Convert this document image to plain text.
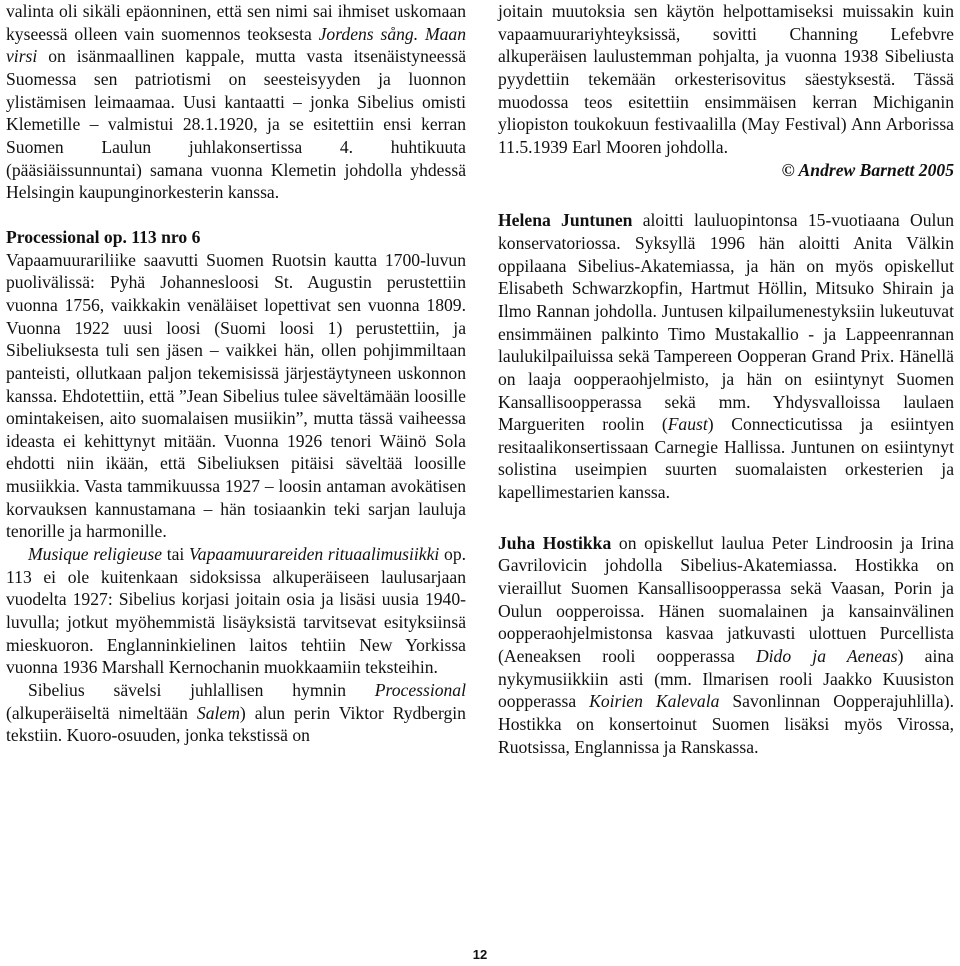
valinta oli sikäli epäonninen, että sen nimi sai ihmiset uskomaan kyseessä olleen vain suomennos teoksesta Jordens sång. Maan virsi on isänmaallinen kappale, mutta vasta itsenäistyneessä Suomessa sen patriotismi on seesteisyyden ja luonnon ylistämisen leimaamaa. Uusi kantaatti – jonka Sibelius omisti Klemetille – valmistui 28.1.1920, ja se esitettiin ensi kerran Suomen Laulun juhlakonsertissa 4. huhtikuuta (pääsiäissunnuntai) samana vuonna Klemetin johdolla yhdessä Helsingin kaupunginorkesterin kanssa.

Processional op. 113 nro 6

Vapaamuurariliike saavutti Suomen Ruotsin kautta 1700-luvun puolivälissä: Pyhä Johannesloosi St. Augustin perustettiin vuonna 1756, vaikkakin venäläiset lopettivat sen vuonna 1809. Vuonna 1922 uusi loosi (Suomi loosi 1) perustettiin, ja Sibeliuksesta tuli sen jäsen – vaikkei hän, ollen pohjimmiltaan panteisti, ollutkaan paljon tekemisissä järjestäytyneen uskonnon kanssa. Ehdotettiin, että ”Jean Sibelius tulee säveltämään loosille omintakeisen, aito suomalaisen musiikin”, mutta tässä vaiheessa ideasta ei kehittynyt mitään. Vuonna 1926 tenori Wäinö Sola ehdotti niin ikään, että Sibeliuksen pitäisi säveltää loosille musiikkia. Vasta tammikuussa 1927 – loosin antaman avokätisen korvauksen kannustamana – hän tosiaankin teki sarjan lauluja tenorille ja harmonille.

Musique religieuse tai Vapaamuurareiden rituaalimusiikki op. 113 ei ole kuitenkaan sidoksissa alkuperäiseen laulusarjaan vuodelta 1927: Sibelius korjasi joitain osia ja lisäsi uusia 1940-luvulla; jotkut myöhemmistä lisäyksistä tarvitsevat esityksiinsä mieskuoron. Englanninkielinen laitos tehtiin New Yorkissa vuonna 1936 Marshall Kernochanin muokkaamiin teksteihin.

Sibelius sävelsi juhlallisen hymnin Processional (alkuperäiseltä nimeltään Salem) alun perin Viktor Rydbergin tekstiin. Kuoro-osuuden, jonka tekstissä on

joitain muutoksia sen käytön helpottamiseksi muissakin kuin vapaamuurariyhteyksissä, sovitti Channing Lefebvre alkuperäisen laulustemman pohjalta, ja vuonna 1938 Sibeliusta pyydettiin tekemään orkesterisovitus säestyksestä. Tässä muodossa teos esitettiin ensimmäisen kerran Michiganin yliopiston toukokuun festivaalilla (May Festival) Ann Arborissa 11.5.1939 Earl Mooren johdolla.

© Andrew Barnett 2005

Helena Juntunen aloitti lauluopintonsa 15-vuotiaana Oulun konservatoriossa. Syksyllä 1996 hän aloitti Anita Välkin oppilaana Sibelius-Akatemiassa, ja hän on myös opiskellut Elisabeth Schwarzkopfin, Hartmut Höllin, Mitsuko Shirain ja Ilmo Rannan johdolla. Juntusen kilpailumenestyksiin lukeutuvat ensimmäinen palkinto Timo Mustakallio - ja Lappeenrannan laulukilpailuissa sekä Tampereen Oopperan Grand Prix. Hänellä on laaja oopperaohjelmisto, ja hän on esiintynyt Suomen Kansallisoopperassa sekä mm. Yhdysvalloissa laulaen Margueriten roolin (Faust) Connecticutissa ja esiintyen resitaalikonsertissaan Carnegie Hallissa. Juntunen on esiintynyt solistina useimpien suurten suomalaisten orkesterien ja kapellimestarien kanssa.

Juha Hostikka on opiskellut laulua Peter Lindroosin ja Irina Gavrilovicin johdolla Sibelius-Akatemiassa. Hostikka on vieraillut Suomen Kansallisoopperassa sekä Vaasan, Porin ja Oulun oopperoissa. Hänen suomalainen ja kansainvälinen oopperaohjelmistonsa kasvaa jatkuvasti ulottuen Purcellista (Aeneaksen rooli oopperassa Dido ja Aeneas) aina nykymusiikkiin asti (mm. Ilmarisen rooli Jaakko Kuusiston oopperassa Koirien Kalevala Savonlinnan Oopperajuhlilla). Hostikka on konsertoinut Suomen lisäksi myös Virossa, Ruotsissa, Englannissa ja Ranskassa.

12
